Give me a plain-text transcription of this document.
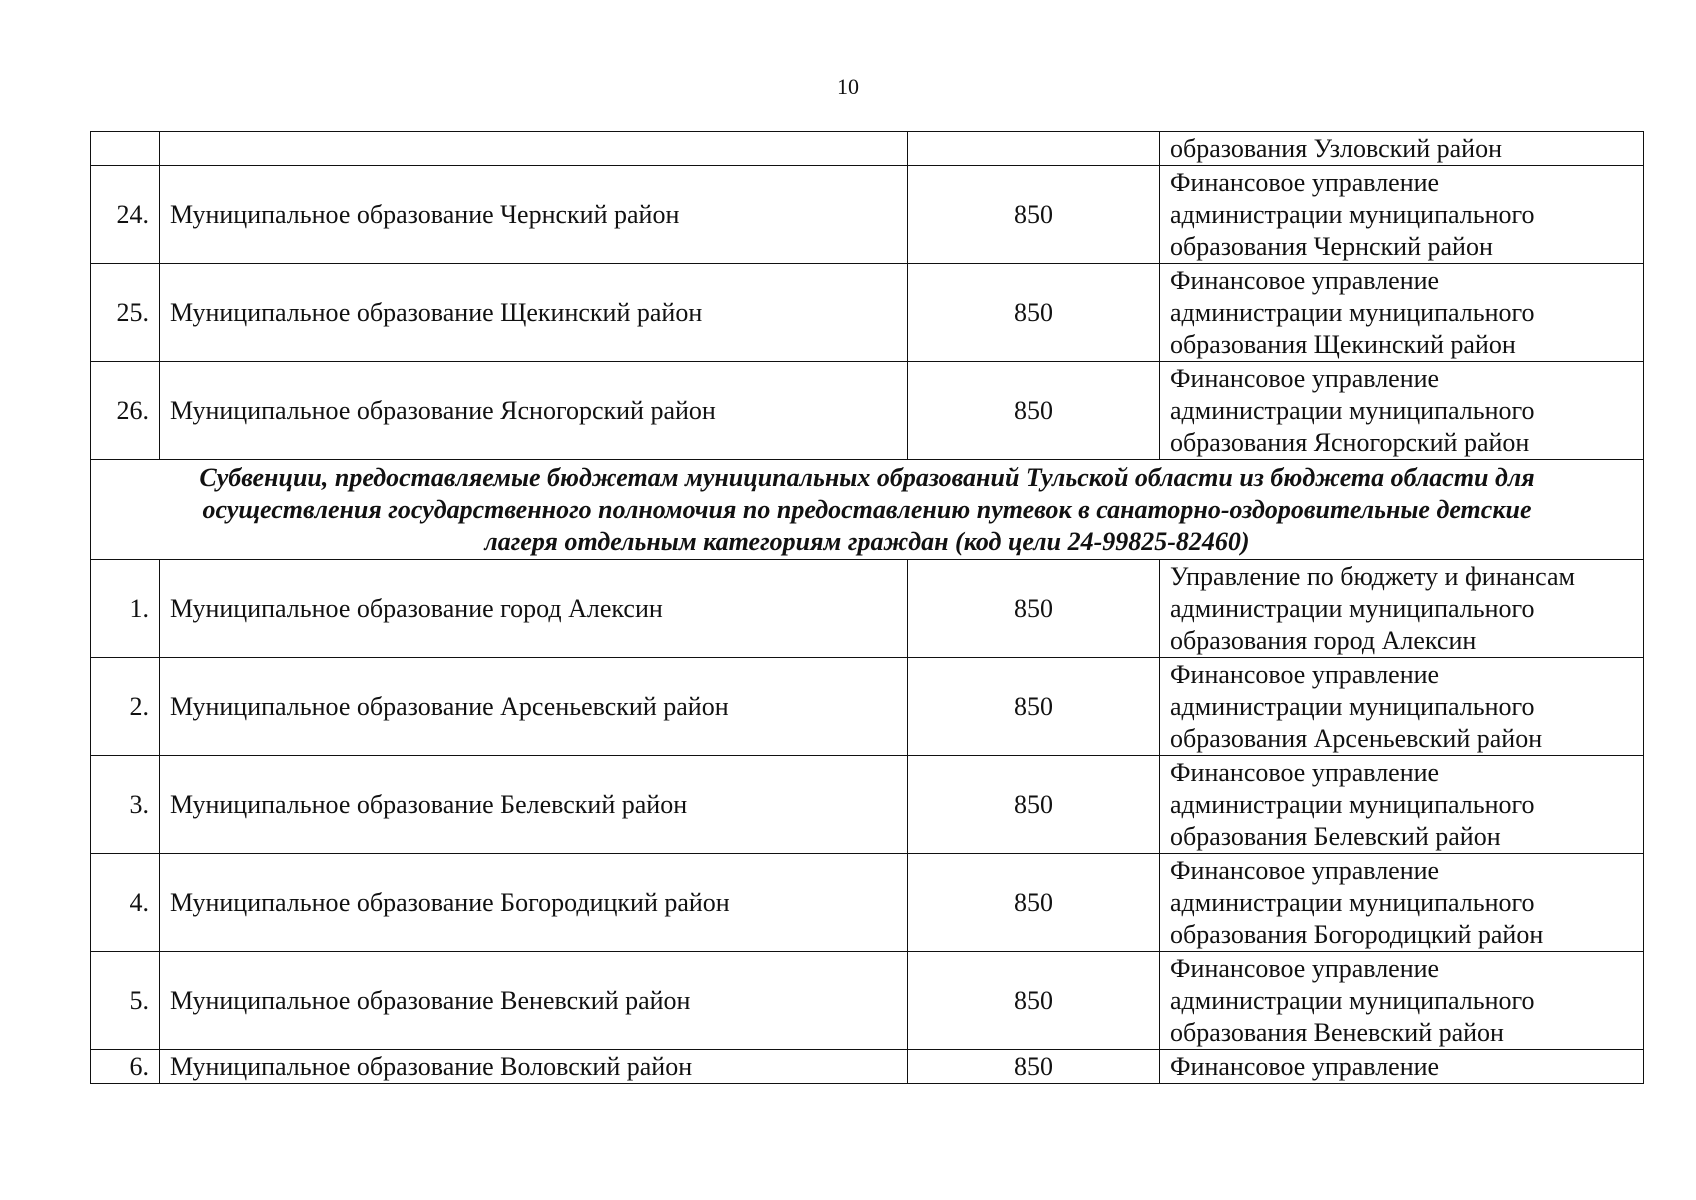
10
			образования Узловский район
24.	Муниципальное образование Чернский район	850	Финансовое управление
администрации муниципального
образования Чернский район

25.	Муниципальное образование Щекинский район	850	Финансовое управление
администрации муниципального
образования Щекинский район

26.	Муниципальное образование Ясногорский район	850	Финансовое управление
администрации муниципального
образования Ясногорский район

Субвенции, предоставляемые бюджетам муниципальных образований Тульской области из бюджета области для
осуществления государственного полномочия по предоставлению путевок в санаторно-оздоровительные детские
лагеря отдельным категориям граждан (код цели 24-99825-82460)			

1.	Муниципальное образование город Алексин	850	Управление по бюджету и финансам
администрации муниципального
образования город Алексин

2.	Муниципальное образование Арсеньевский район	850	Финансовое управление
администрации муниципального
образования Арсеньевский район

3.	Муниципальное образование Белевский район	850	Финансовое управление
администрации муниципального
образования Белевский район

4.	Муниципальное образование Богородицкий район	850	Финансовое управление
администрации муниципального
образования Богородицкий район

5.	Муниципальное образование Веневский район	850	Финансовое управление
администрации муниципального
образования Веневский район

6.	Муниципальное образование Воловский район	850	Финансовое управление
